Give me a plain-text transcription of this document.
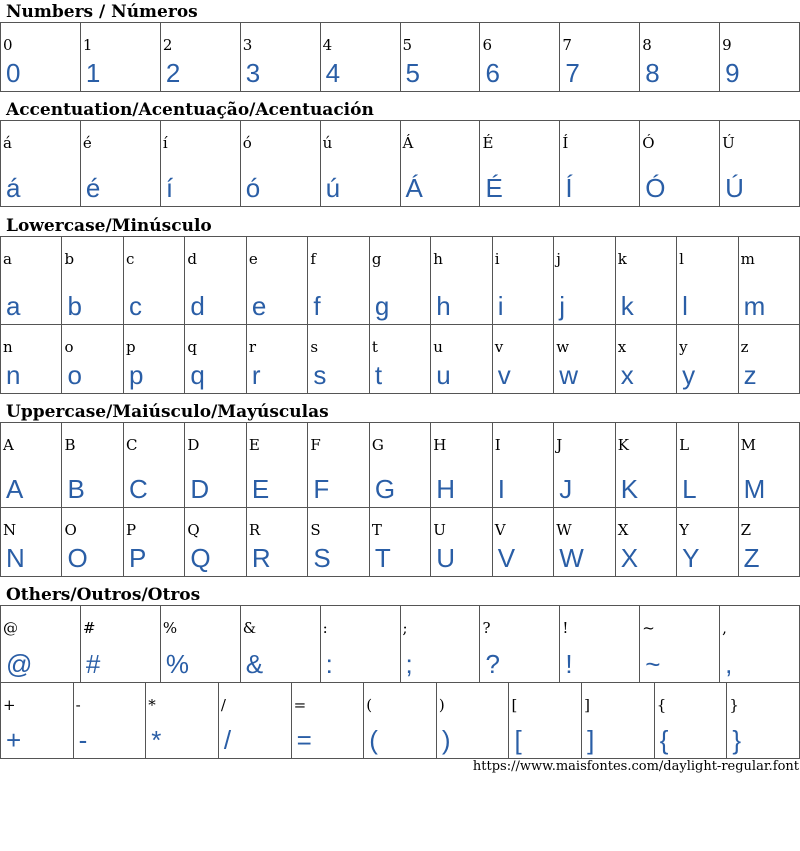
Numbers / Números
0
0
1
1
2
2
3
3
4
4
5
5
6
6
7
7
8
8
9
9
Accentuation/Acentuação/Acentuación
á
á
é
é
í
í
ó
ó
ú
ú
Á
Á
É
É
Í
Í
Ó
Ó
Ú
Ú
Lowercase/Minúsculo
a
a
b
b
c
c
d
d
e
e
f
f
g
g
h
h
i
i
j
j
k
k
l
l
m
m
n
n
o
o
p
p
q
q
r
r
s
s
t
t
u
u
v
v
w
w
x
x
y
y
z
z
Uppercase/Maiúsculo/Mayúsculas
A
A
B
B
C
C
D
D
E
E
F
F
G
G
H
H
I
I
J
J
K
K
L
L
M
M
N
N
O
O
P
P
Q
Q
R
R
S
S
T
T
U
U
V
V
W
W
X
X
Y
Y
Z
Z
Others/Outros/Otros
@
@
#
#
%
%
&
&
:
:
;
;
?
?
!
!
~
~
,
,
+
+
-
-
*
*
/
/
=
=
(
(
)
)
[
[
]
]
{
{
}
}
https://www.maisfontes.com/daylight-regular.font
